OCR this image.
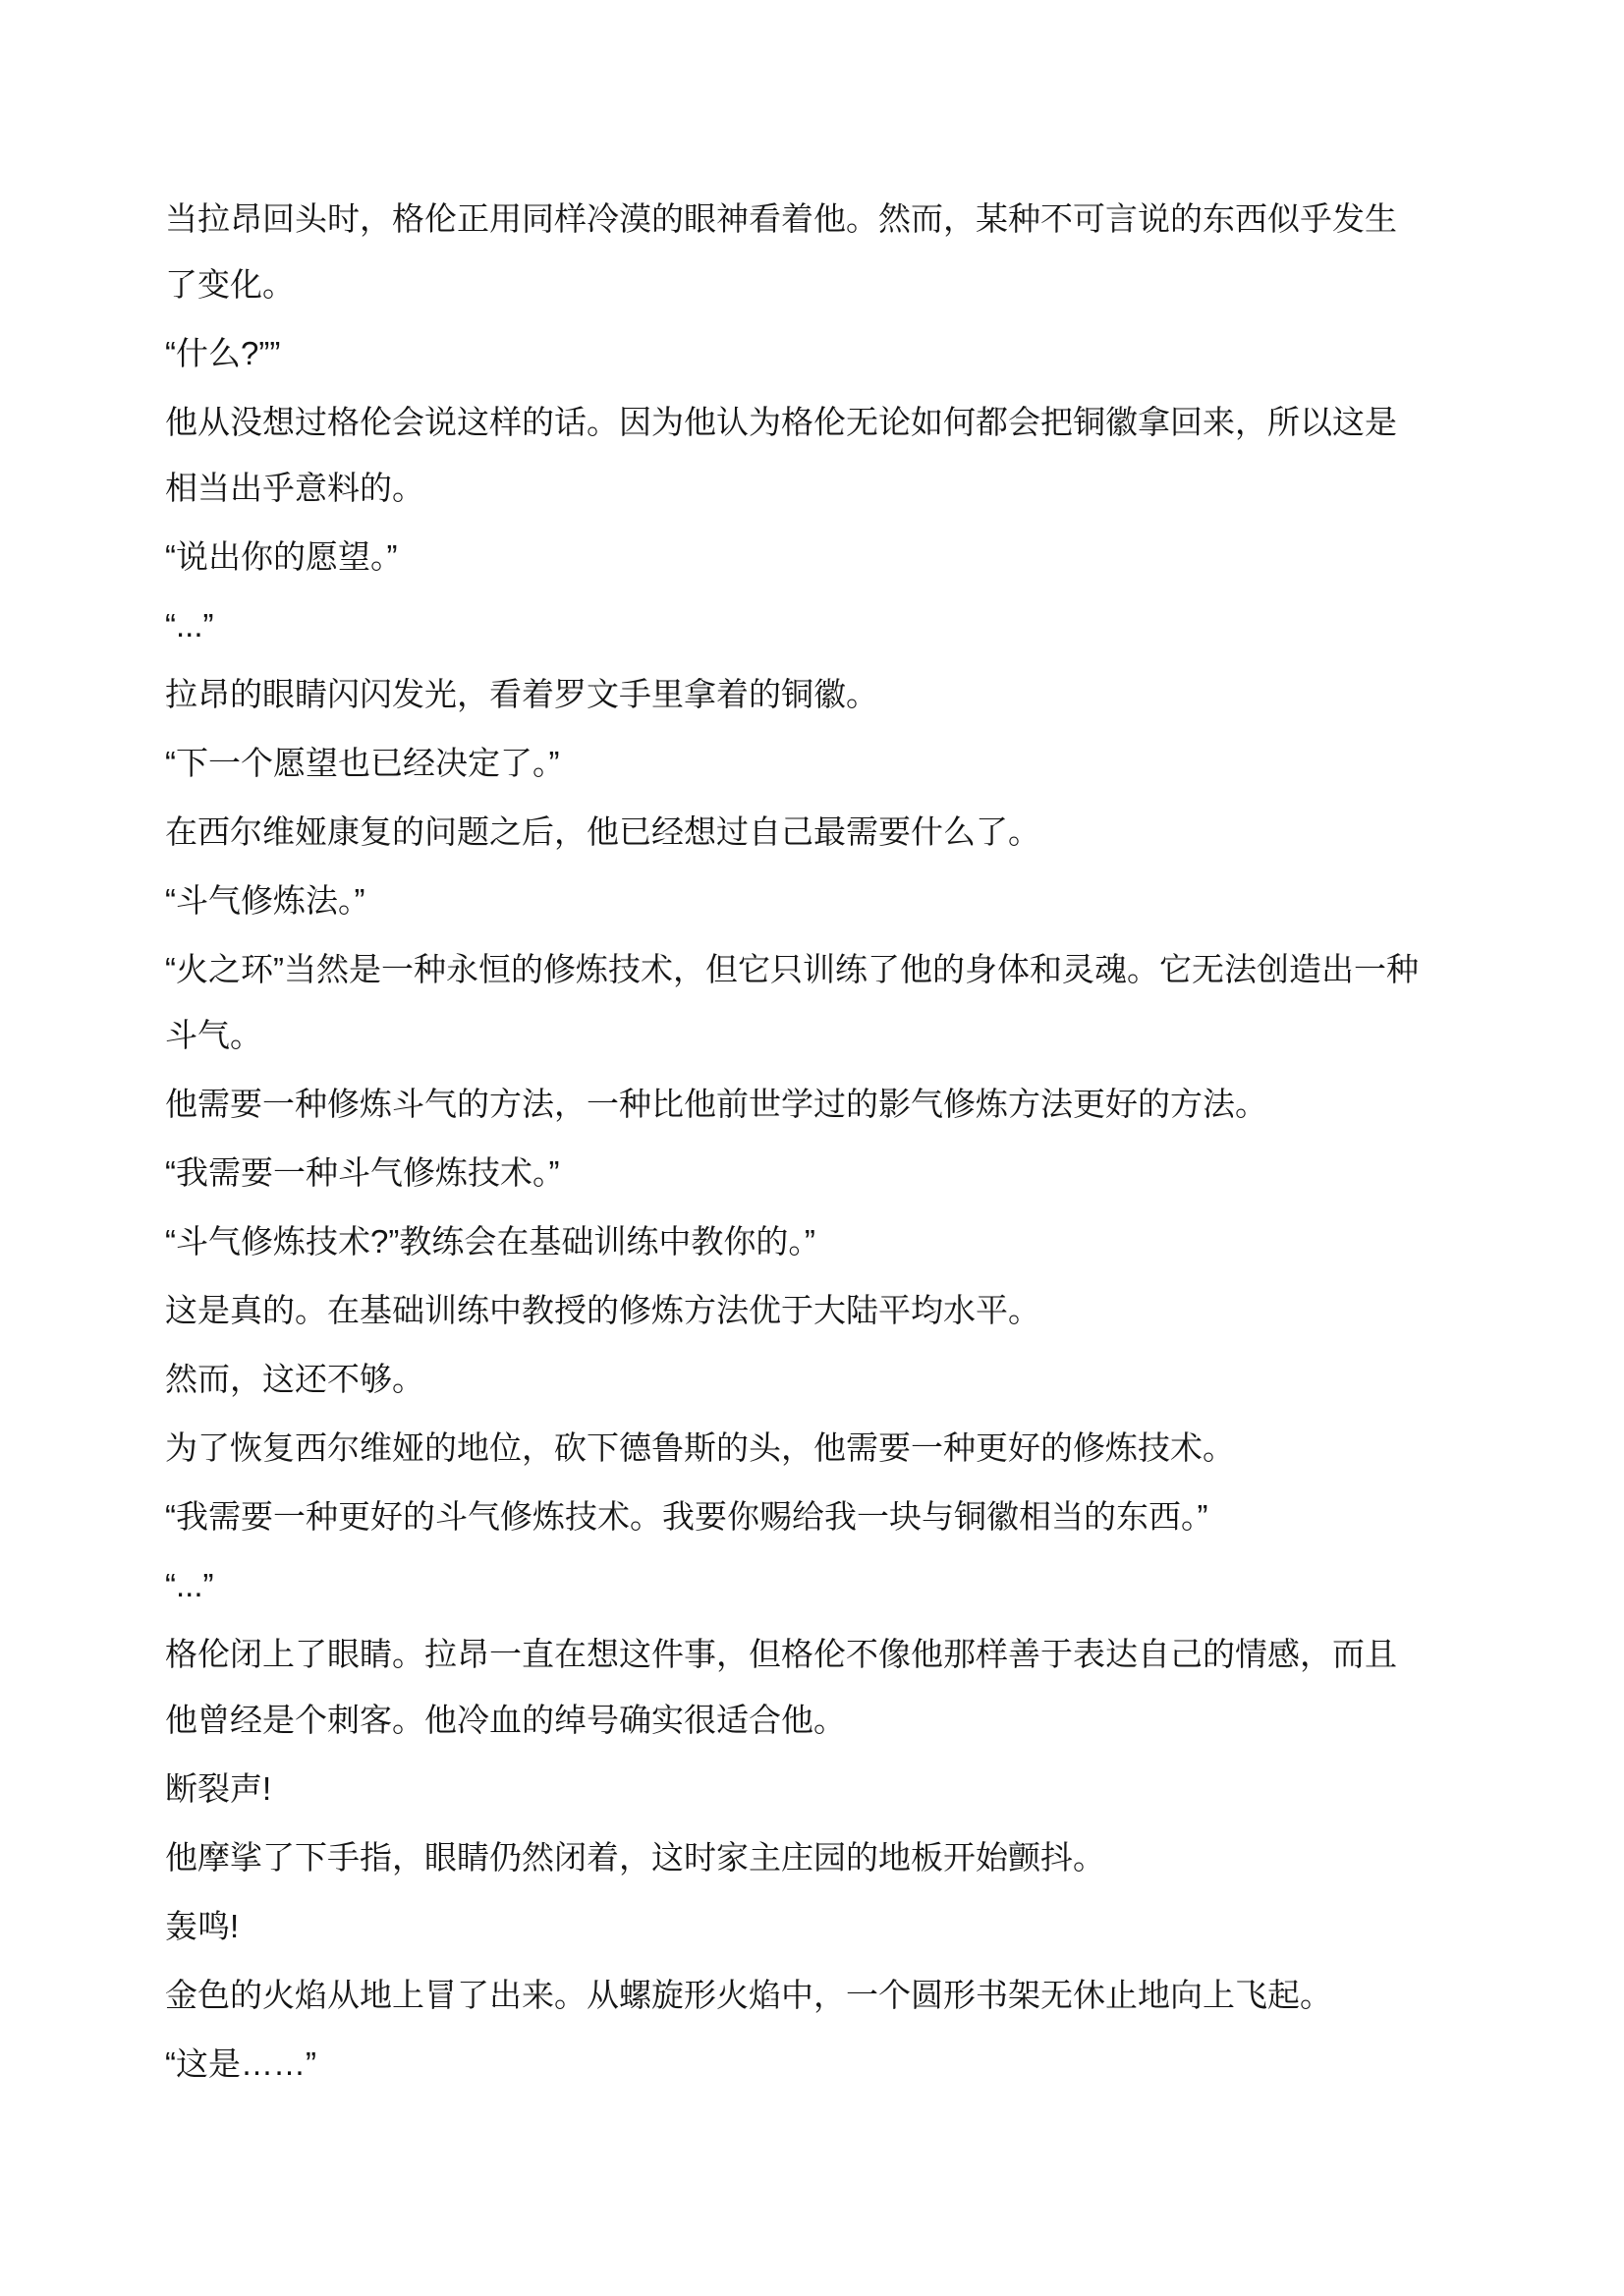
当拉昂回头时，格伦正用同样冷漠的眼神看着他。然而，某种不可言说的东西似乎发生了变化。

“什么?””

他从没想过格伦会说这样的话。因为他认为格伦无论如何都会把铜徽拿回来，所以这是相当出乎意料的。

“说出你的愿望。”

“...”

拉昂的眼睛闪闪发光，看着罗文手里拿着的铜徽。

“下一个愿望也已经决定了。”

在西尔维娅康复的问题之后，他已经想过自己最需要什么了。

“斗气修炼法。”

“火之环”当然是一种永恒的修炼技术，但它只训练了他的身体和灵魂。它无法创造出一种斗气。

他需要一种修炼斗气的方法，一种比他前世学过的影气修炼方法更好的方法。

“我需要一种斗气修炼技术。”

“斗气修炼技术?”教练会在基础训练中教你的。”

这是真的。在基础训练中教授的修炼方法优于大陆平均水平。

然而，这还不够。

为了恢复西尔维娅的地位，砍下德鲁斯的头，他需要一种更好的修炼技术。

“我需要一种更好的斗气修炼技术。我要你赐给我一块与铜徽相当的东西。”

“...”

格伦闭上了眼睛。拉昂一直在想这件事，但格伦不像他那样善于表达自己的情感，而且他曾经是个刺客。他冷血的绰号确实很适合他。

断裂声!

他摩挲了下手指，眼睛仍然闭着，这时家主庄园的地板开始颤抖。

轰鸣!

金色的火焰从地上冒了出来。从螺旋形火焰中，一个圆形书架无休止地向上飞起。

“这是……”
